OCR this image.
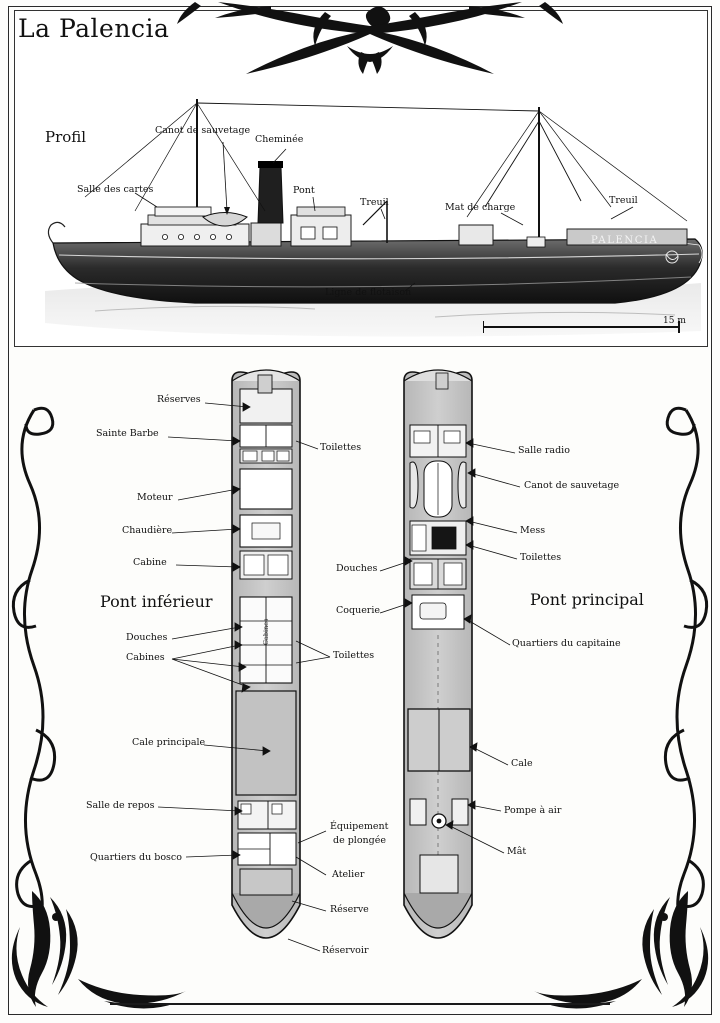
PALENCIA
Profil
Salle des cartes
Canot de sauvetage
Cheminée
Pont
Treuil	Mat de charge
Treuil
Ligne de flotaison
15 m
La Palencia
Cabines
Pont inférieur
Réserves
Sainte Barbe
Toilettes
Moteur
Chaudière
Cabine
Douches
Cabines	Toilettes
Cale principale
Salle de repos
Équipement
de plongée
Quartiers du bosco
Atelier
Réserve
Réservoir
Pont principal
Salle radio
Canot de sauvetage
Mess
Toilettes
Douches
Coquerie
Quartiers du capitaine
Cale
Pompe à air
Mât
